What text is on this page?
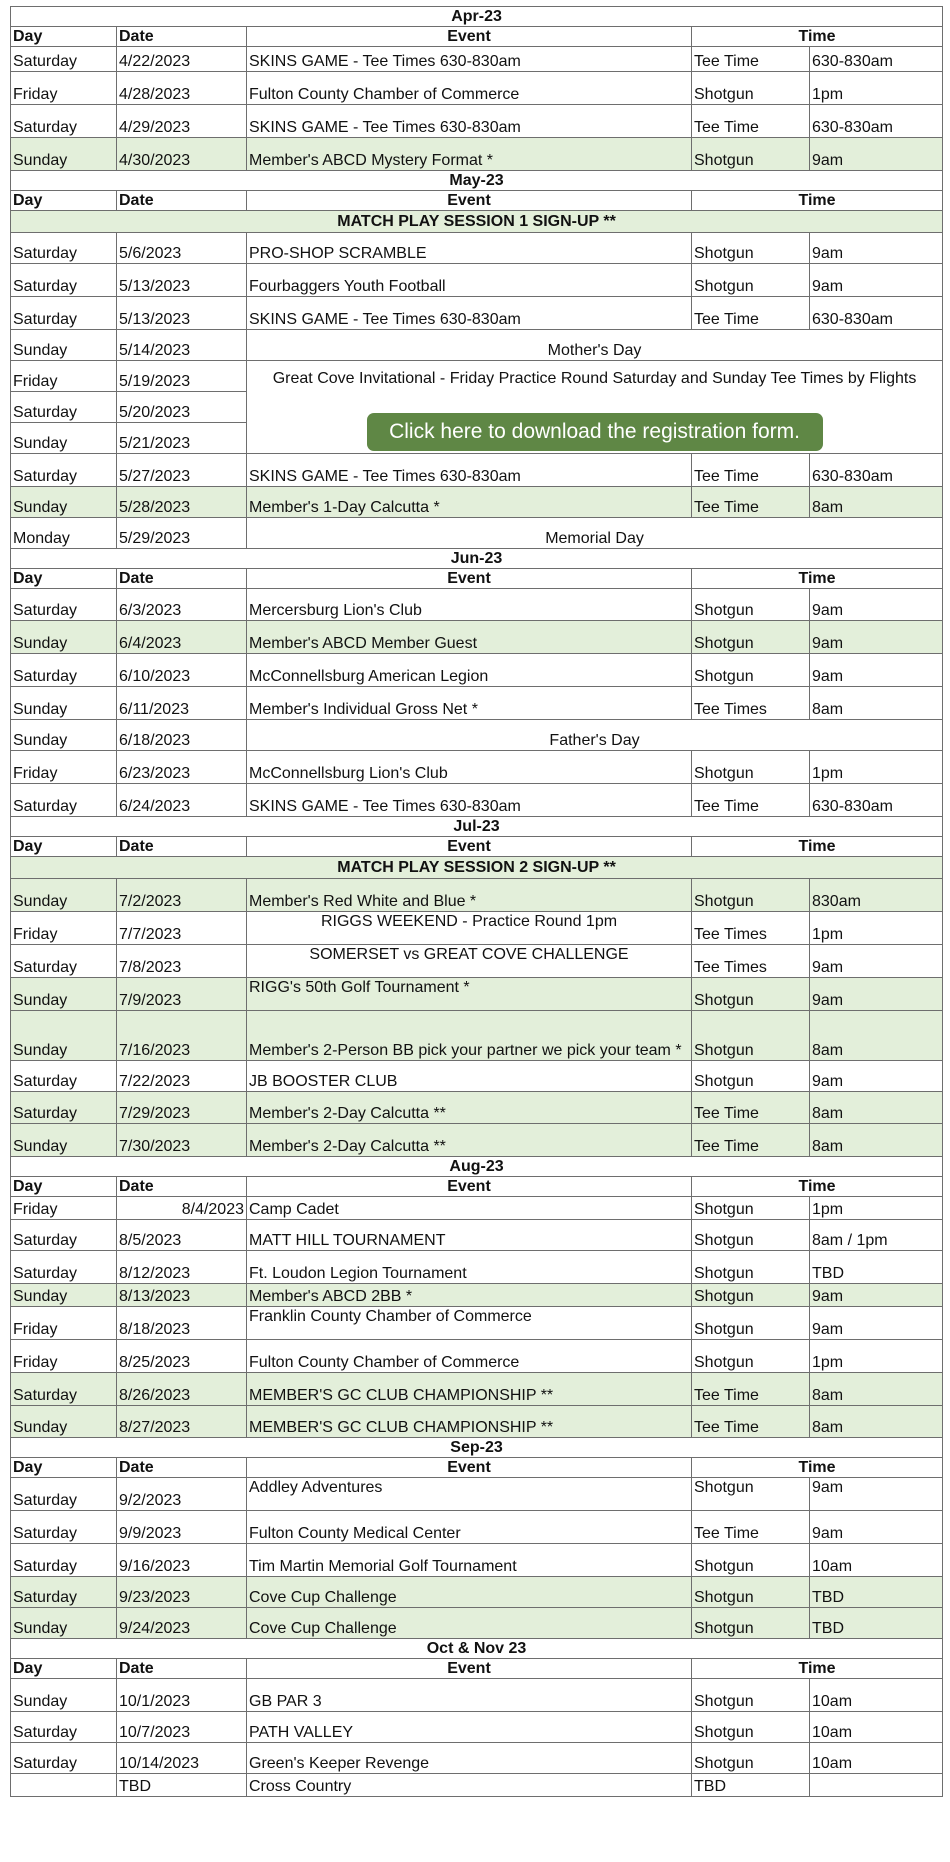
Apr-23				
Day	Date	Event	Time	
Saturday	4/22/2023	SKINS GAME - Tee Times 630-830am	Tee Time	630-830am
Friday	4/28/2023	Fulton County Chamber of Commerce	Shotgun	1pm
Saturday	4/29/2023	SKINS GAME - Tee Times 630-830am	Tee Time	630-830am
Sunday	4/30/2023	Member's ABCD Mystery Format *	Shotgun	9am
May-23				
Day	Date	Event	Time	
MATCH PLAY SESSION 1 SIGN-UP **				
Saturday	5/6/2023	PRO-SHOP SCRAMBLE	Shotgun	9am
Saturday	5/13/2023	Fourbaggers Youth Football	Shotgun	9am
Saturday	5/13/2023	SKINS GAME - Tee Times 630-830am	Tee Time	630-830am
Sunday	5/14/2023	Mother's Day		
Friday	5/19/2023	Great Cove Invitational - Friday Practice Round Saturday and Sunday Tee Times by Flights
Click here to download the registration form.		
Saturday	5/20/2023			
Sunday	5/21/2023			
Saturday	5/27/2023	SKINS GAME - Tee Times 630-830am	Tee Time	630-830am
Sunday	5/28/2023	Member's 1-Day Calcutta *	Tee Time	8am
Monday	5/29/2023	Memorial Day		
Jun-23				
Day	Date	Event	Time	
Saturday	6/3/2023	Mercersburg Lion's Club	Shotgun	9am
Sunday	6/4/2023	Member's ABCD Member Guest	Shotgun	9am
Saturday	6/10/2023	McConnellsburg American Legion	Shotgun	9am
Sunday	6/11/2023	Member's Individual Gross Net *	Tee Times	8am
Sunday	6/18/2023	Father's Day		
Friday	6/23/2023	McConnellsburg Lion's Club	Shotgun	1pm
Saturday	6/24/2023	SKINS GAME - Tee Times 630-830am	Tee Time	630-830am
Jul-23				
Day	Date	Event	Time	
MATCH PLAY SESSION 2 SIGN-UP **				
Sunday	7/2/2023	Member's Red White and Blue *	Shotgun	830am
Friday	7/7/2023	RIGGS WEEKEND - Practice Round 1pm	Tee Times	1pm
Saturday	7/8/2023	SOMERSET vs GREAT COVE CHALLENGE	Tee Times	9am
Sunday	7/9/2023	RIGG's 50th Golf Tournament *	Shotgun	9am
Sunday	7/16/2023	Member's 2-Person BB pick your partner we pick your team *	Shotgun	8am
Saturday	7/22/2023	JB BOOSTER CLUB	Shotgun	9am
Saturday	7/29/2023	Member's 2-Day Calcutta **	Tee Time	8am
Sunday	7/30/2023	Member's 2-Day Calcutta **	Tee Time	8am
Aug-23				
Day	Date	Event	Time	
Friday	8/4/2023	Camp Cadet	Shotgun	1pm
Saturday	8/5/2023	MATT HILL TOURNAMENT	Shotgun	8am / 1pm
Saturday	8/12/2023	Ft. Loudon Legion Tournament	Shotgun	TBD
Sunday	8/13/2023	Member's ABCD 2BB *	Shotgun	9am
Friday	8/18/2023	Franklin County Chamber of Commerce	Shotgun	9am
Friday	8/25/2023	Fulton County Chamber of Commerce	Shotgun	1pm
Saturday	8/26/2023	MEMBER'S GC CLUB CHAMPIONSHIP **	Tee Time	8am
Sunday	8/27/2023	MEMBER'S GC CLUB CHAMPIONSHIP **	Tee Time	8am
Sep-23				
Day	Date	Event	Time	
Saturday	9/2/2023	Addley Adventures	Shotgun	9am
Saturday	9/9/2023	Fulton County Medical Center	Tee Time	9am
Saturday	9/16/2023	Tim Martin Memorial Golf Tournament	Shotgun	10am
Saturday	9/23/2023	Cove Cup Challenge	Shotgun	TBD
Sunday	9/24/2023	Cove Cup Challenge	Shotgun	TBD
Oct & Nov 23				
Day	Date	Event	Time	
Sunday	10/1/2023	GB PAR 3	Shotgun	10am
Saturday	10/7/2023	PATH VALLEY	Shotgun	10am
Saturday	10/14/2023	Green's Keeper Revenge	Shotgun	10am
	TBD	Cross Country	TBD	
